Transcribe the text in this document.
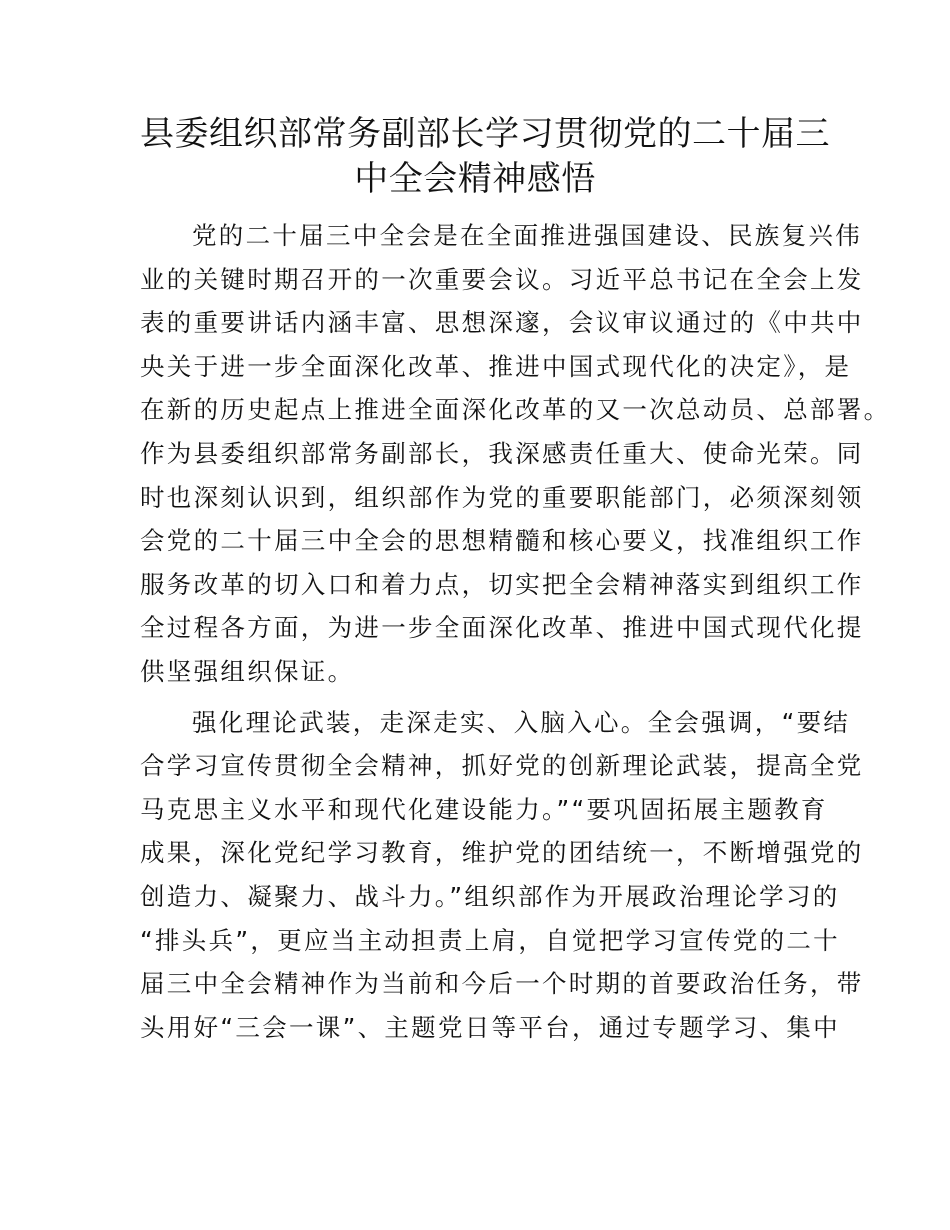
县委组织部常务副部长学习贯彻党的二十届三
中全会精神感悟

党的二十届三中全会是在全面推进强国建设、民族复兴伟
业的关键时期召开的一次重要会议。习近平总书记在全会上发
表的重要讲话内涵丰富、思想深邃，会议审议通过的《中共中
央关于进一步全面深化改革、推进中国式现代化的决定》，是
在新的历史起点上推进全面深化改革的又一次总动员、总部署。
作为县委组织部常务副部长，我深感责任重大、使命光荣。同
时也深刻认识到，组织部作为党的重要职能部门，必须深刻领
会党的二十届三中全会的思想精髓和核心要义，找准组织工作
服务改革的切入口和着力点，切实把全会精神落实到组织工作
全过程各方面，为进一步全面深化改革、推进中国式现代化提
供坚强组织保证。

强化理论武装，走深走实、入脑入心。全会强调，“要结
合学习宣传贯彻全会精神，抓好党的创新理论武装，提高全党
马克思主义水平和现代化建设能力。”“要巩固拓展主题教育
成果，深化党纪学习教育，维护党的团结统一，不断增强党的
创造力、凝聚力、战斗力。”组织部作为开展政治理论学习的
“排头兵”，更应当主动担责上肩，自觉把学习宣传党的二十
届三中全会精神作为当前和今后一个时期的首要政治任务，带
头用好“三会一课”、主题党日等平台，通过专题学习、集中
